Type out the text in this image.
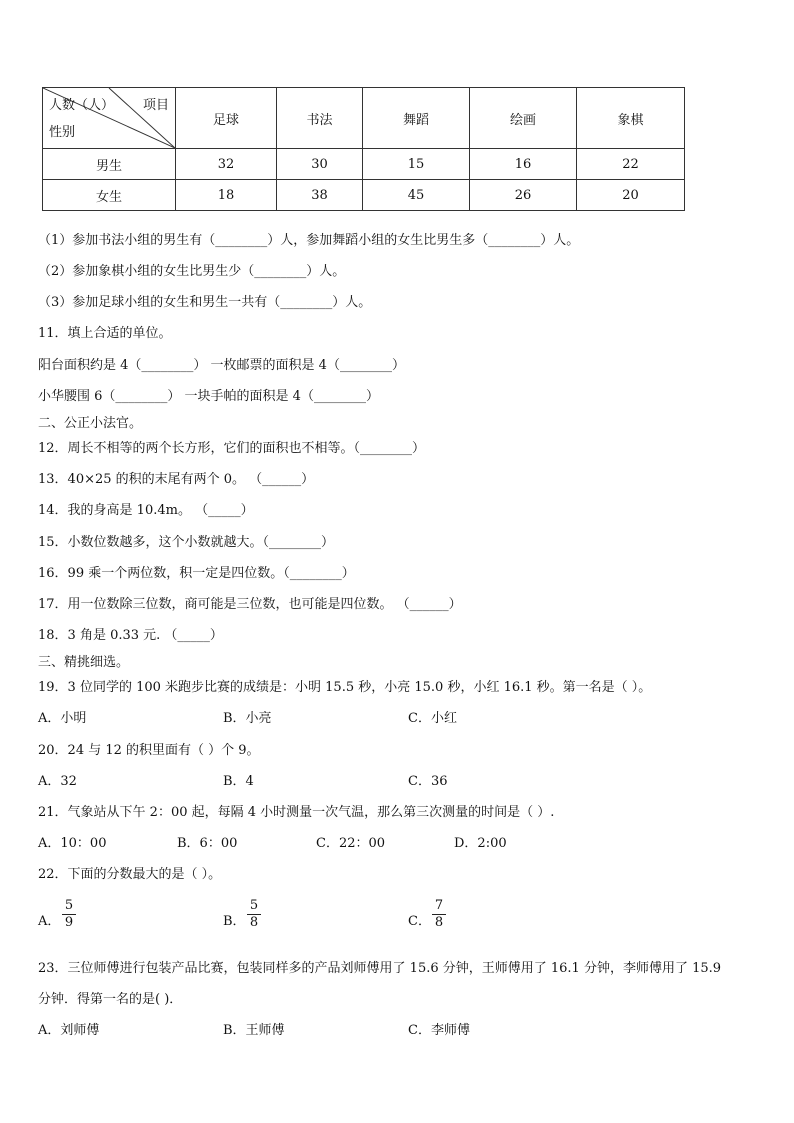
项目
人数（人）
性别	足球	书法	舞蹈	绘画	象棋
男生	32	30	15	16	22
女生	18	38	45	26	20
（1）参加书法小组的男生有（________）人，参加舞蹈小组的女生比男生多（________）人。
（2）参加象棋小组的女生比男生少（________）人。
（3）参加足球小组的女生和男生一共有（________）人。
11．填上合适的单位。
阳台面积约是 4（________） 一枚邮票的面积是 4（________）
小华腰围 6（________） 一块手帕的面积是 4（________）
二、公正小法官。
12．周长不相等的两个长方形，它们的面积也不相等。（________）
13．40×25 的积的末尾有两个 0。 （______）
14．我的身高是 10.4m。 （_____）
15．小数位数越多，这个小数就越大。（________）
16．99 乘一个两位数，积一定是四位数。（________）
17．用一位数除三位数，商可能是三位数，也可能是四位数。 （______）
18．3 角是 0.33 元. （_____）
三、精挑细选。
19．3 位同学的 100 米跑步比赛的成绩是：小明 15.5 秒，小亮 15.0 秒，小红 16.1 秒。第一名是（ ）。
A．小明	B．小亮	C．小红
20．24 与 12 的积里面有（ ）个 9。
A．32	B．4	C．36
21．气象站从下午 2：00 起，每隔 4 小时测量一次气温，那么第三次测量的时间是（ ）.
A．10：00	B．6：00	C．22：00	D．2:00
22．下面的分数最大的是（ ）。
A．
5
9	B．
5
8	C．
7
8
23．三位师傅进行包装产品比赛，包装同样多的产品刘师傅用了 15.6 分钟，王师傅用了 16.1 分钟，李师傅用了 15.9
分钟．得第一名的是( )．
A．刘师傅	B．王师傅	C．李师傅
